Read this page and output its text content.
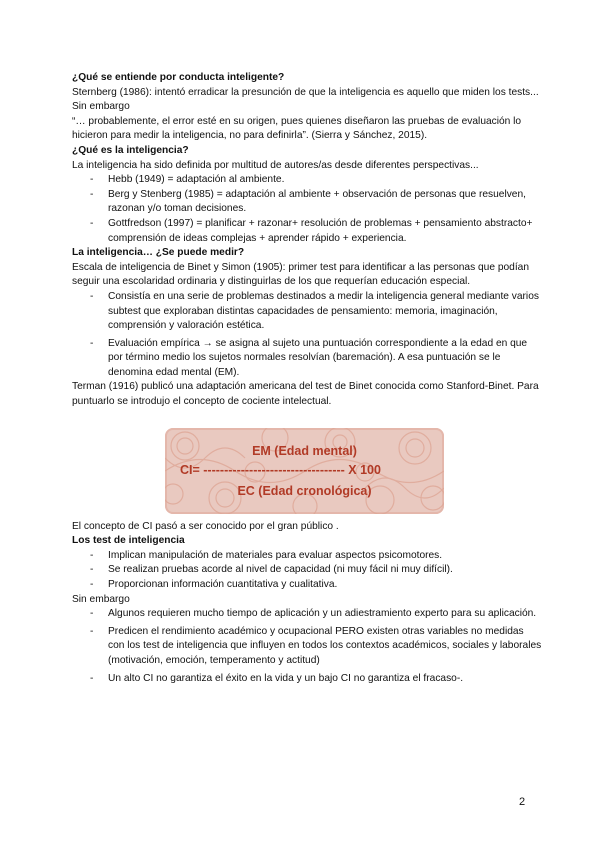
¿Qué se entiende por conducta inteligente?

Sternberg (1986): intentó erradicar la presunción de que la inteligencia es aquello que miden los tests...

Sin embargo

“… probablemente, el error esté en su origen, pues quienes diseñaron las pruebas de evaluación lo hicieron para medir la inteligencia, no para definirla”. (Sierra y Sánchez, 2015).

¿Qué es la inteligencia?

La inteligencia ha sido definida por multitud de autores/as desde diferentes perspectivas...

- Hebb (1949) = adaptación al ambiente.
- Berg y Stenberg (1985) = adaptación al ambiente + observación de personas que resuelven, razonan y/o toman decisiones.
- Gottfredson (1997) = planificar + razonar+ resolución de problemas + pensamiento abstracto+ comprensión de ideas complejas + aprender rápido + experiencia.

La inteligencia… ¿Se puede medir?

Escala de inteligencia de Binet y Simon (1905): primer test para identificar a las personas que podían seguir una escolaridad ordinaria y distinguirlas de los que requerían educación especial.

- Consistía en una serie de problemas destinados a medir la inteligencia general mediante varios subtest que exploraban distintas capacidades de pensamiento: memoria, imaginación, comprensión y valoración estética.
- Evaluación empírica → se asigna al sujeto una puntuación correspondiente a la edad en que por término medio los sujetos normales resolvían (baremación). A esa puntuación se le denomina edad mental (EM).

Terman (1916) publicó una adaptación americana del test de Binet conocida como Stanford-Binet. Para puntuarlo se introdujo el concepto de cociente intelectual.

EM (Edad mental)
CI= ---------------------------------- X 100
EC (Edad cronológica)

El concepto de CI pasó a ser conocido por el gran público .

Los test de inteligencia

- Implican manipulación de materiales para evaluar aspectos psicomotores.
- Se realizan pruebas acorde al nivel de capacidad (ni muy fácil ni muy difícil).
- Proporcionan información cuantitativa y cualitativa.

Sin embargo

- Algunos requieren mucho tiempo de aplicación y un adiestramiento experto para su aplicación.
- Predicen el rendimiento académico y ocupacional PERO existen otras variables no medidas con los test de inteligencia que influyen en todos los contextos académicos, sociales y laborales (motivación, emoción, temperamento y actitud)
- Un alto CI no garantiza el éxito en la vida y un bajo CI no garantiza el fracaso-.
2
